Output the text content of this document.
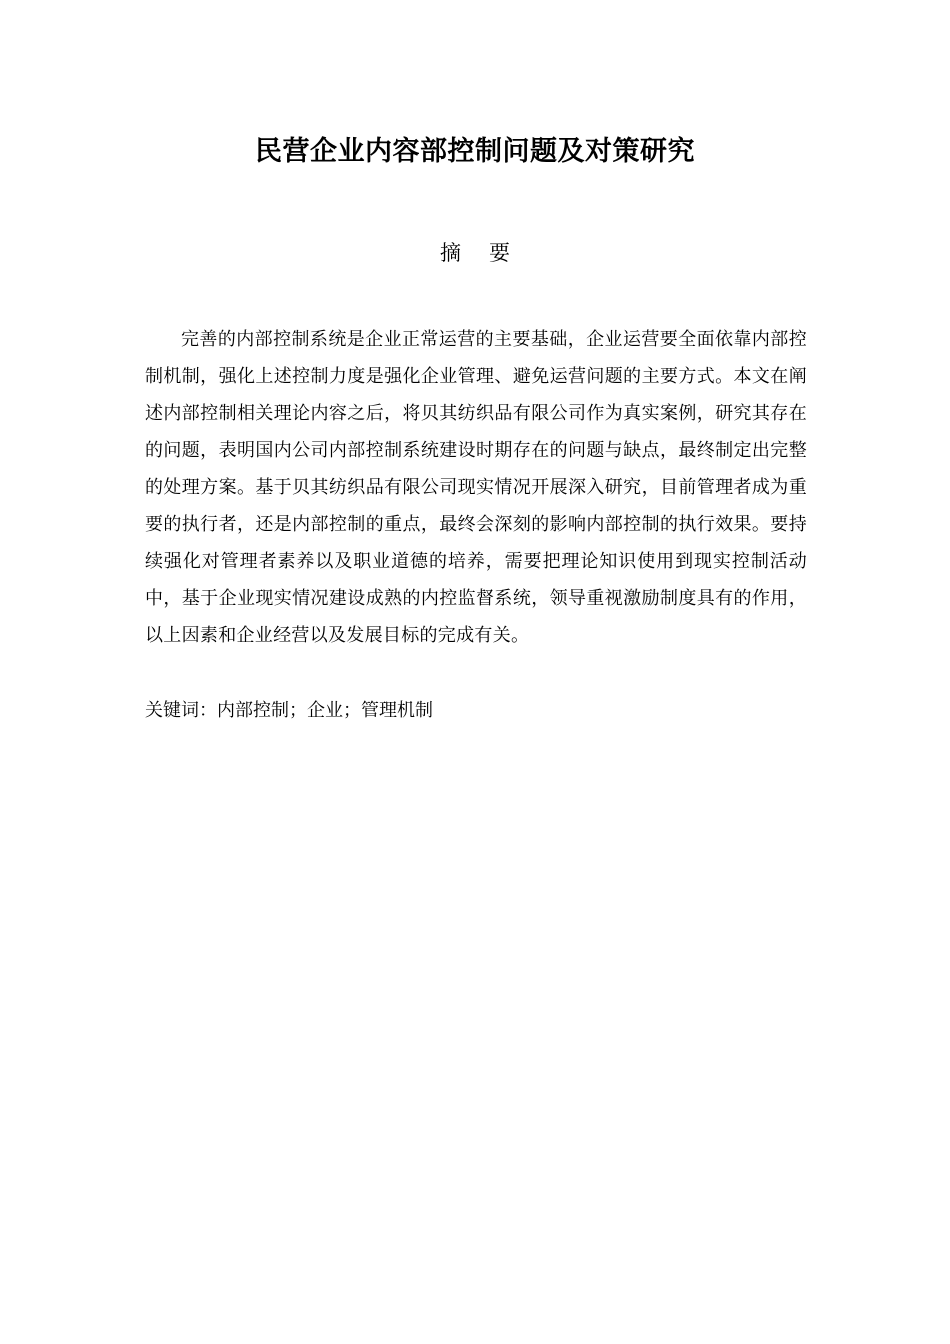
民营企业内容部控制问题及对策研究
摘要

完善的内部控制系统是企业正常运营的主要基础，企业运营要全面依靠内部控制机制，强化上述控制力度是强化企业管理、避免运营问题的主要方式。本文在阐述内部控制相关理论内容之后，将贝其纺织品有限公司作为真实案例，研究其存在的问题，表明国内公司内部控制系统建设时期存在的问题与缺点，最终制定出完整的处理方案。基于贝其纺织品有限公司现实情况开展深入研究，目前管理者成为重要的执行者，还是内部控制的重点，最终会深刻的影响内部控制的执行效果。要持续强化对管理者素养以及职业道德的培养，需要把理论知识使用到现实控制活动中，基于企业现实情况建设成熟的内控监督系统，领导重视激励制度具有的作用，以上因素和企业经营以及发展目标的完成有关。

关键词：内部控制；企业；管理机制
